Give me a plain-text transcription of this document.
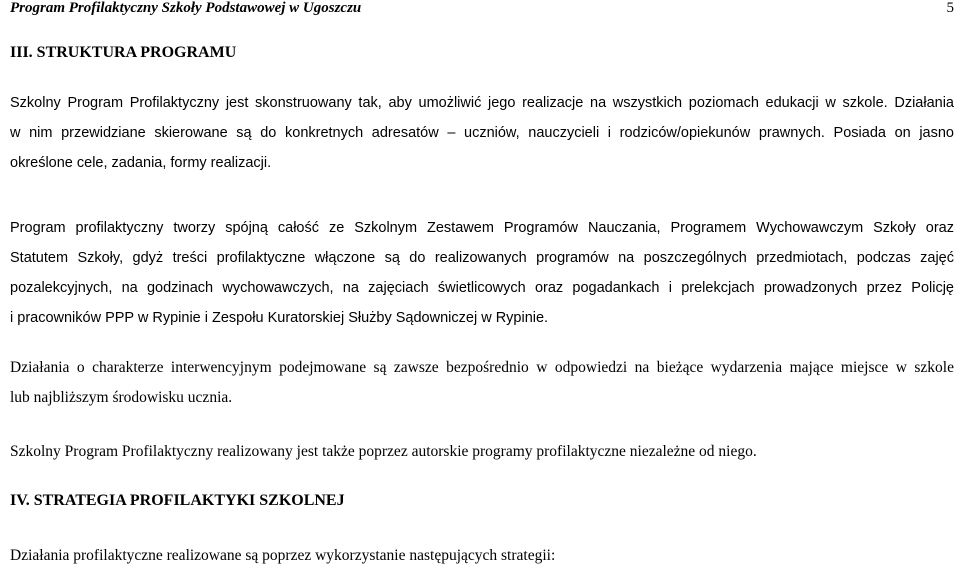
Program Profilaktyczny Szkoły Podstawowej w Ugoszczu	5
III. STRUKTURA PROGRAMU
Szkolny Program Profilaktyczny jest skonstruowany tak, aby umożliwić jego realizacje na wszystkich poziomach edukacji w szkole. Działania
w nim przewidziane skierowane są do konkretnych adresatów – uczniów, nauczycieli i rodziców/opiekunów prawnych. Posiada on jasno
określone cele, zadania, formy realizacji.
Program profilaktyczny tworzy spójną całość ze Szkolnym Zestawem Programów Nauczania, Programem Wychowawczym Szkoły oraz
Statutem Szkoły, gdyż treści profilaktyczne włączone są do realizowanych programów na poszczególnych przedmiotach, podczas zajęć
pozalekcyjnych, na godzinach wychowawczych, na zajęciach świetlicowych oraz pogadankach i prelekcjach prowadzonych przez Policję
i pracowników PPP w Rypinie i Zespołu Kuratorskiej Służby Sądowniczej w Rypinie.
Działania o charakterze interwencyjnym podejmowane są zawsze bezpośrednio w odpowiedzi na bieżące wydarzenia mające miejsce w szkole
lub najbliższym środowisku ucznia.
Szkolny Program Profilaktyczny realizowany jest także poprzez autorskie programy profilaktyczne niezależne od niego.
IV. STRATEGIA PROFILAKTYKI SZKOLNEJ
Działania profilaktyczne realizowane są poprzez wykorzystanie następujących strategii:
